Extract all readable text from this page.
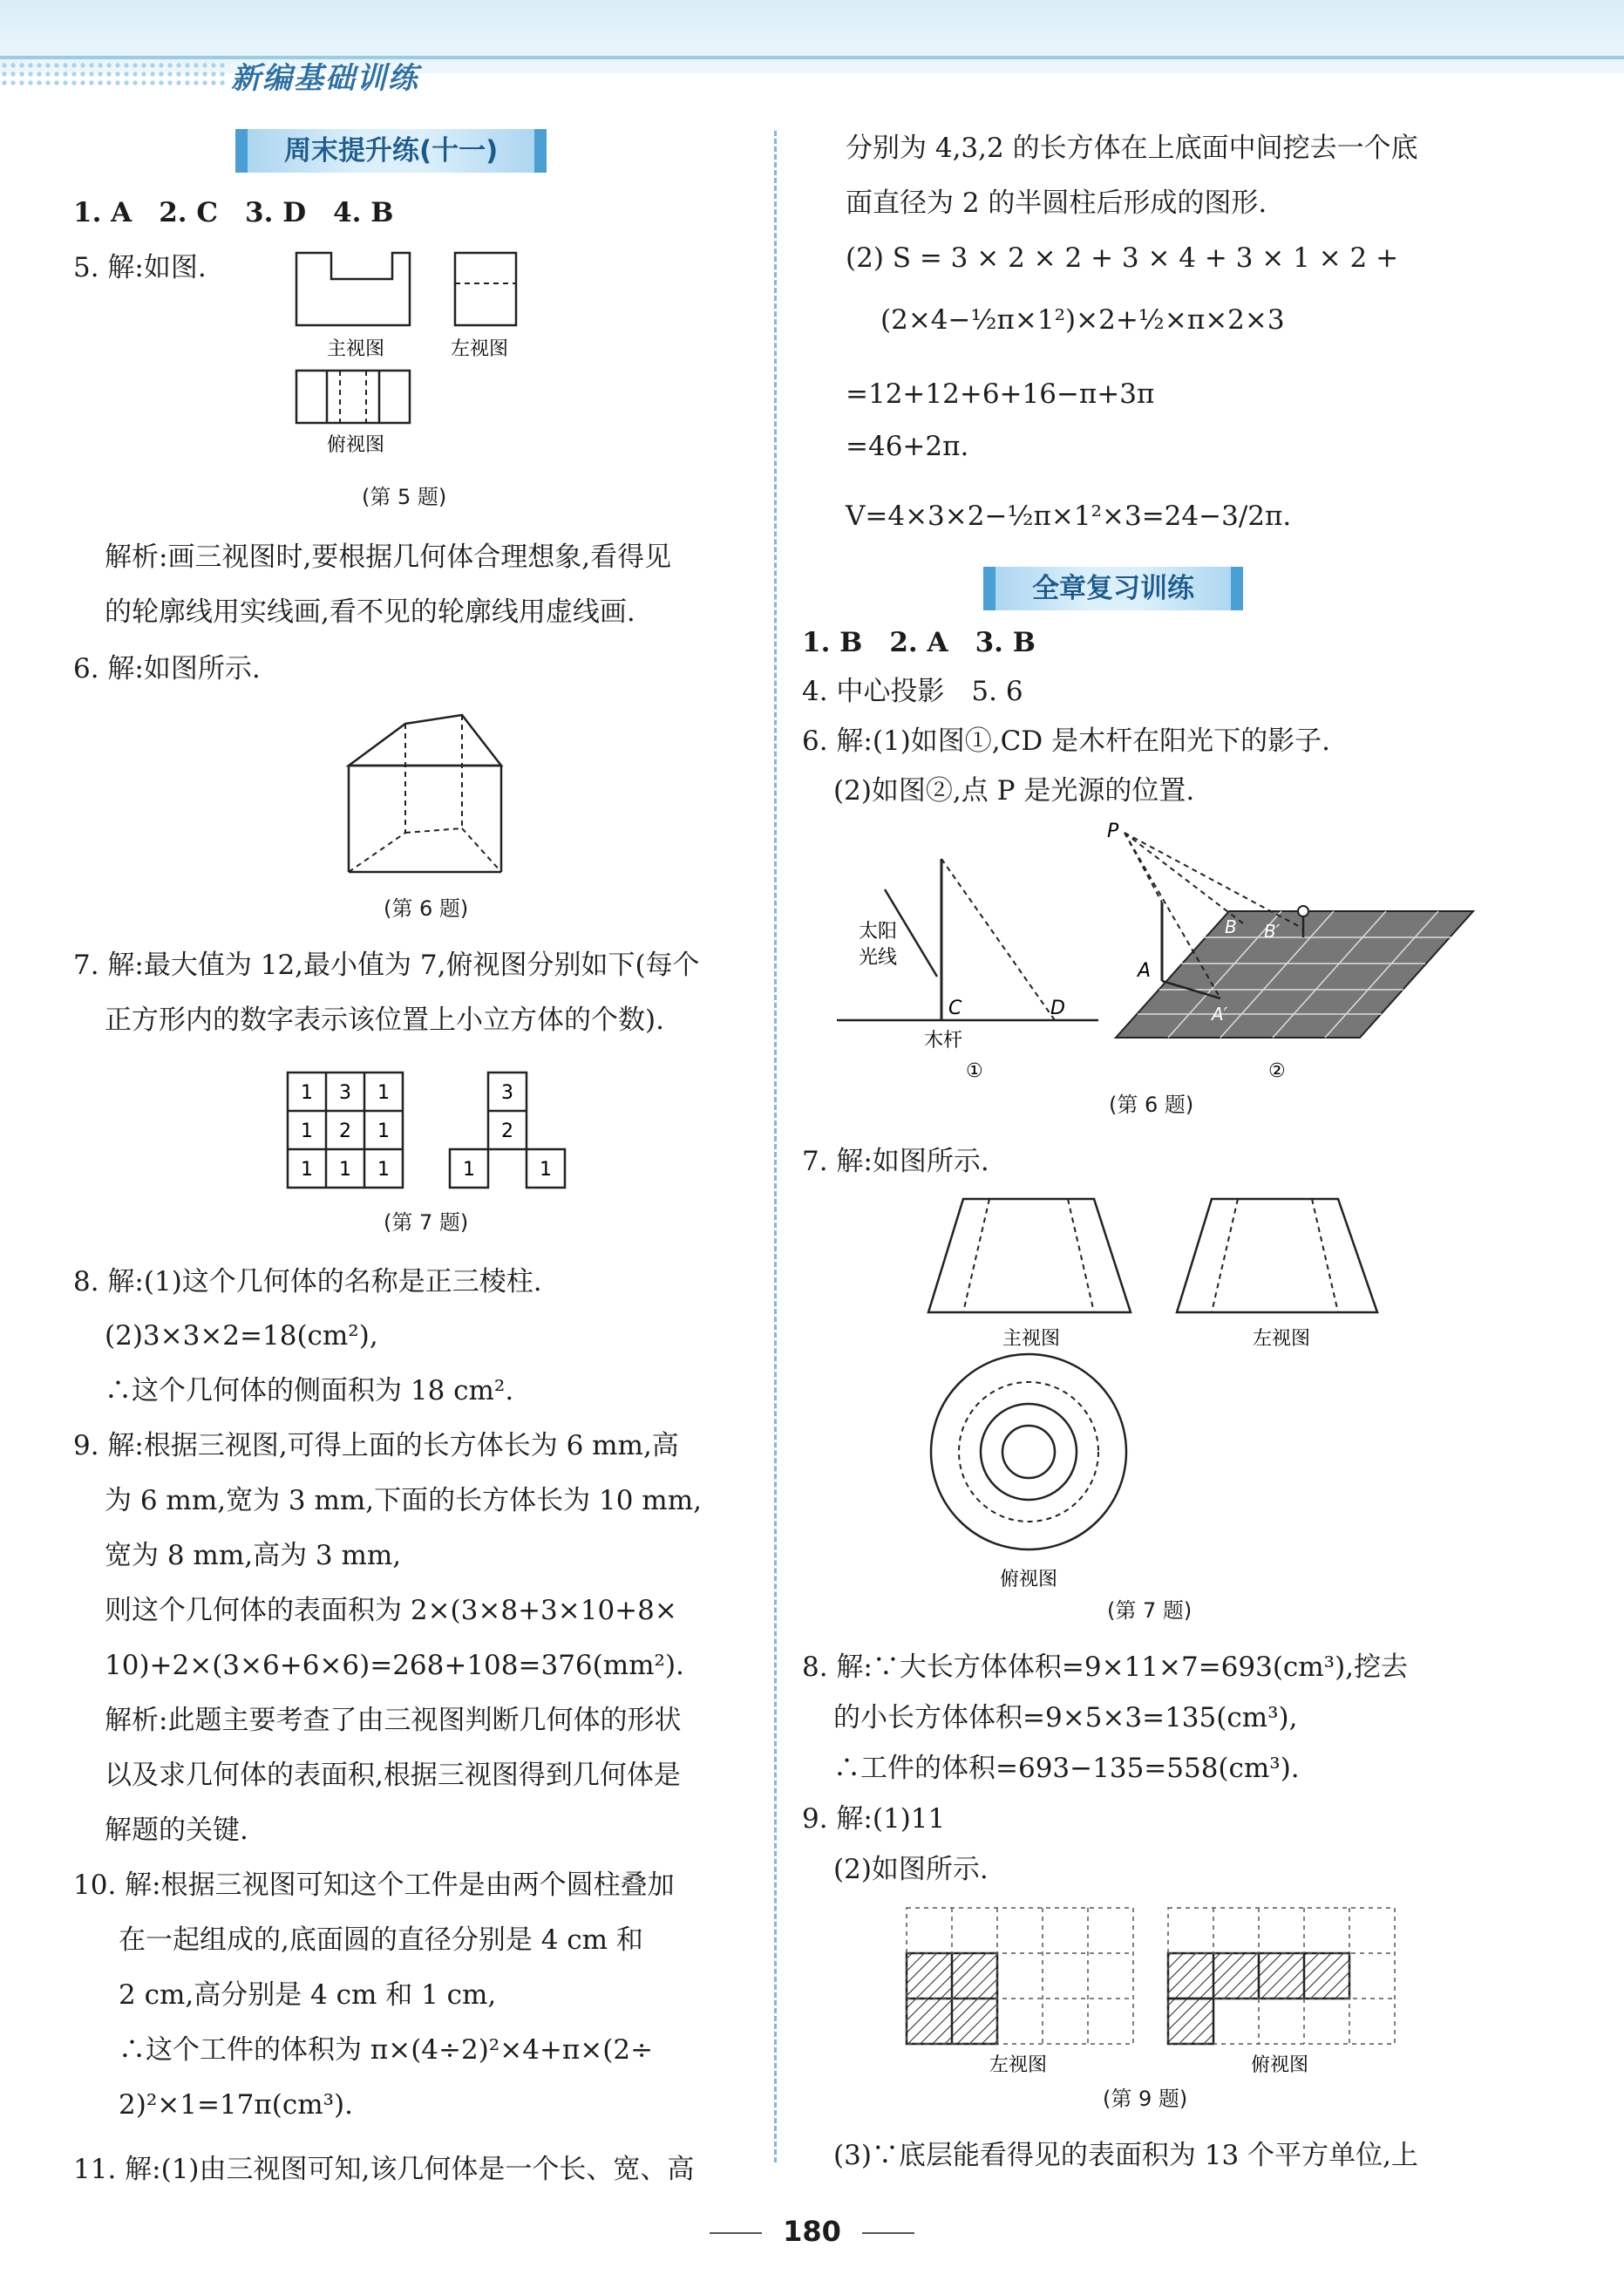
新编基础训练
周末提升练(十一)
1. A　2. C　3. D　4. B
5. 解:如图.
主视图	左视图
俯视图
(第 5 题)
解析:画三视图时,要根据几何体合理想象,看得见
的轮廓线用实线画,看不见的轮廓线用虚线画.
6. 解:如图所示.
(第 6 题)
7. 解:最大值为 12,最小值为 7,俯视图分别如下(每个
正方形内的数字表示该位置上小立方体的个数).
1 3 1
1 2 1
1 1 1
3
2
1	1
(第 7 题)
8. 解:(1)这个几何体的名称是正三棱柱.
(2)3×3×2=18(cm²),
∴这个几何体的侧面积为 18 cm².
9. 解:根据三视图,可得上面的长方体长为 6 mm,高
为 6 mm,宽为 3 mm,下面的长方体长为 10 mm,
宽为 8 mm,高为 3 mm,
则这个几何体的表面积为 2×(3×8+3×10+8×
10)+2×(3×6+6×6)=268+108=376(mm²).
解析:此题主要考查了由三视图判断几何体的形状
以及求几何体的表面积,根据三视图得到几何体是
解题的关键.
10. 解:根据三视图可知这个工件是由两个圆柱叠加
在一起组成的,底面圆的直径分别是 4 cm 和
2 cm,高分别是 4 cm 和 1 cm,
∴这个工件的体积为 π×(4÷2)²×4+π×(2÷
2)²×1=17π(cm³).
11. 解:(1)由三视图可知,该几何体是一个长、宽、高
分别为 4,3,2 的长方体在上底面中间挖去一个底
面直径为 2 的半圆柱后形成的图形.
(2) S = 3 × 2 × 2 + 3 × 4 + 3 × 1 × 2 +
(2×4−½π×1²)×2+½×π×2×3
=12+12+6+16−π+3π
=46+2π.
V=4×3×2−½π×1²×3=24−3/2π.
全章复习训练
1. B　2. A　3. B
4. 中心投影　5. 6
6. 解:(1)如图①,CD 是木杆在阳光下的影子.
(2)如图②,点 P 是光源的位置.
太阳
光线
C	D
木杆
①
P
A
A′
B B′
②
(第 6 题)
7. 解:如图所示.
主视图	左视图
俯视图
(第 7 题)
8. 解:∵大长方体体积=9×11×7=693(cm³),挖去
的小长方体体积=9×5×3=135(cm³),
∴工件的体积=693−135=558(cm³).
9. 解:(1)11
(2)如图所示.
左视图	俯视图
(第 9 题)
(3)∵底层能看得见的表面积为 13 个平方单位,上
180
